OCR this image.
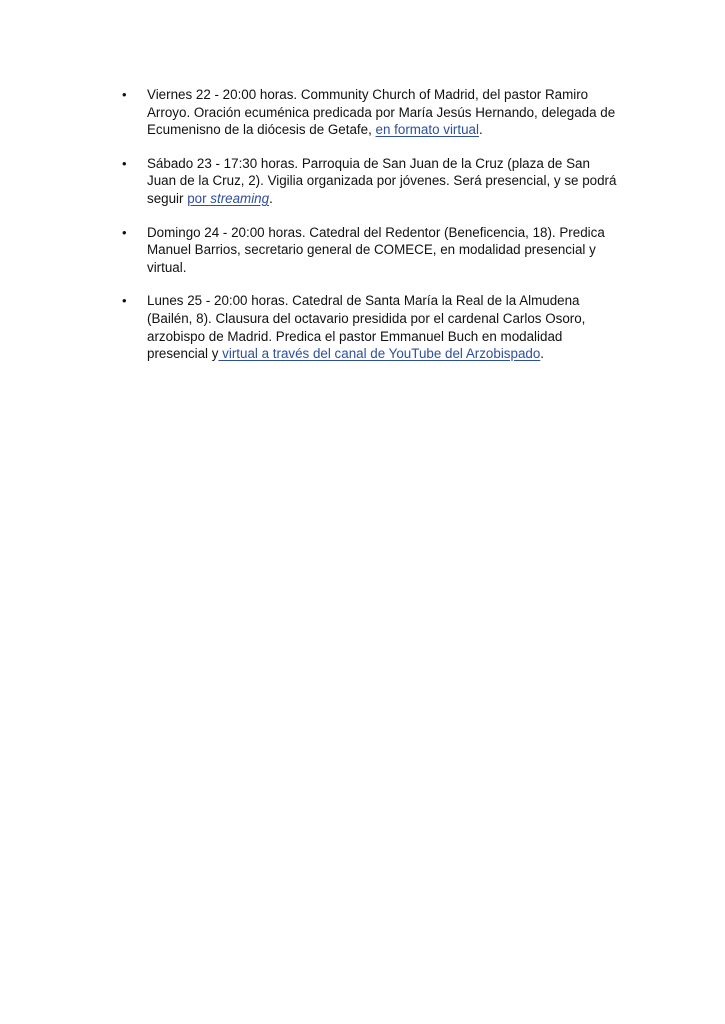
• Viernes 22 - 20:00 horas. Community Church of Madrid, del pastor Ramiro Arroyo. Oración ecuménica predicada por María Jesús Hernando, delegada de Ecumenisno de la diócesis de Getafe, en formato virtual.
• Sábado 23 - 17:30 horas. Parroquia de San Juan de la Cruz (plaza de San Juan de la Cruz, 2). Vigilia organizada por jóvenes. Será presencial, y se podrá seguir por streaming.
• Domingo 24 - 20:00 horas. Catedral del Redentor (Beneficencia, 18). Predica Manuel Barrios, secretario general de COMECE, en modalidad presencial y virtual.
• Lunes 25 - 20:00 horas. Catedral de Santa María la Real de la Almudena (Bailén, 8). Clausura del octavario presidida por el cardenal Carlos Osoro, arzobispo de Madrid. Predica el pastor Emmanuel Buch en modalidad presencial y virtual a través del canal de YouTube del Arzobispado.
